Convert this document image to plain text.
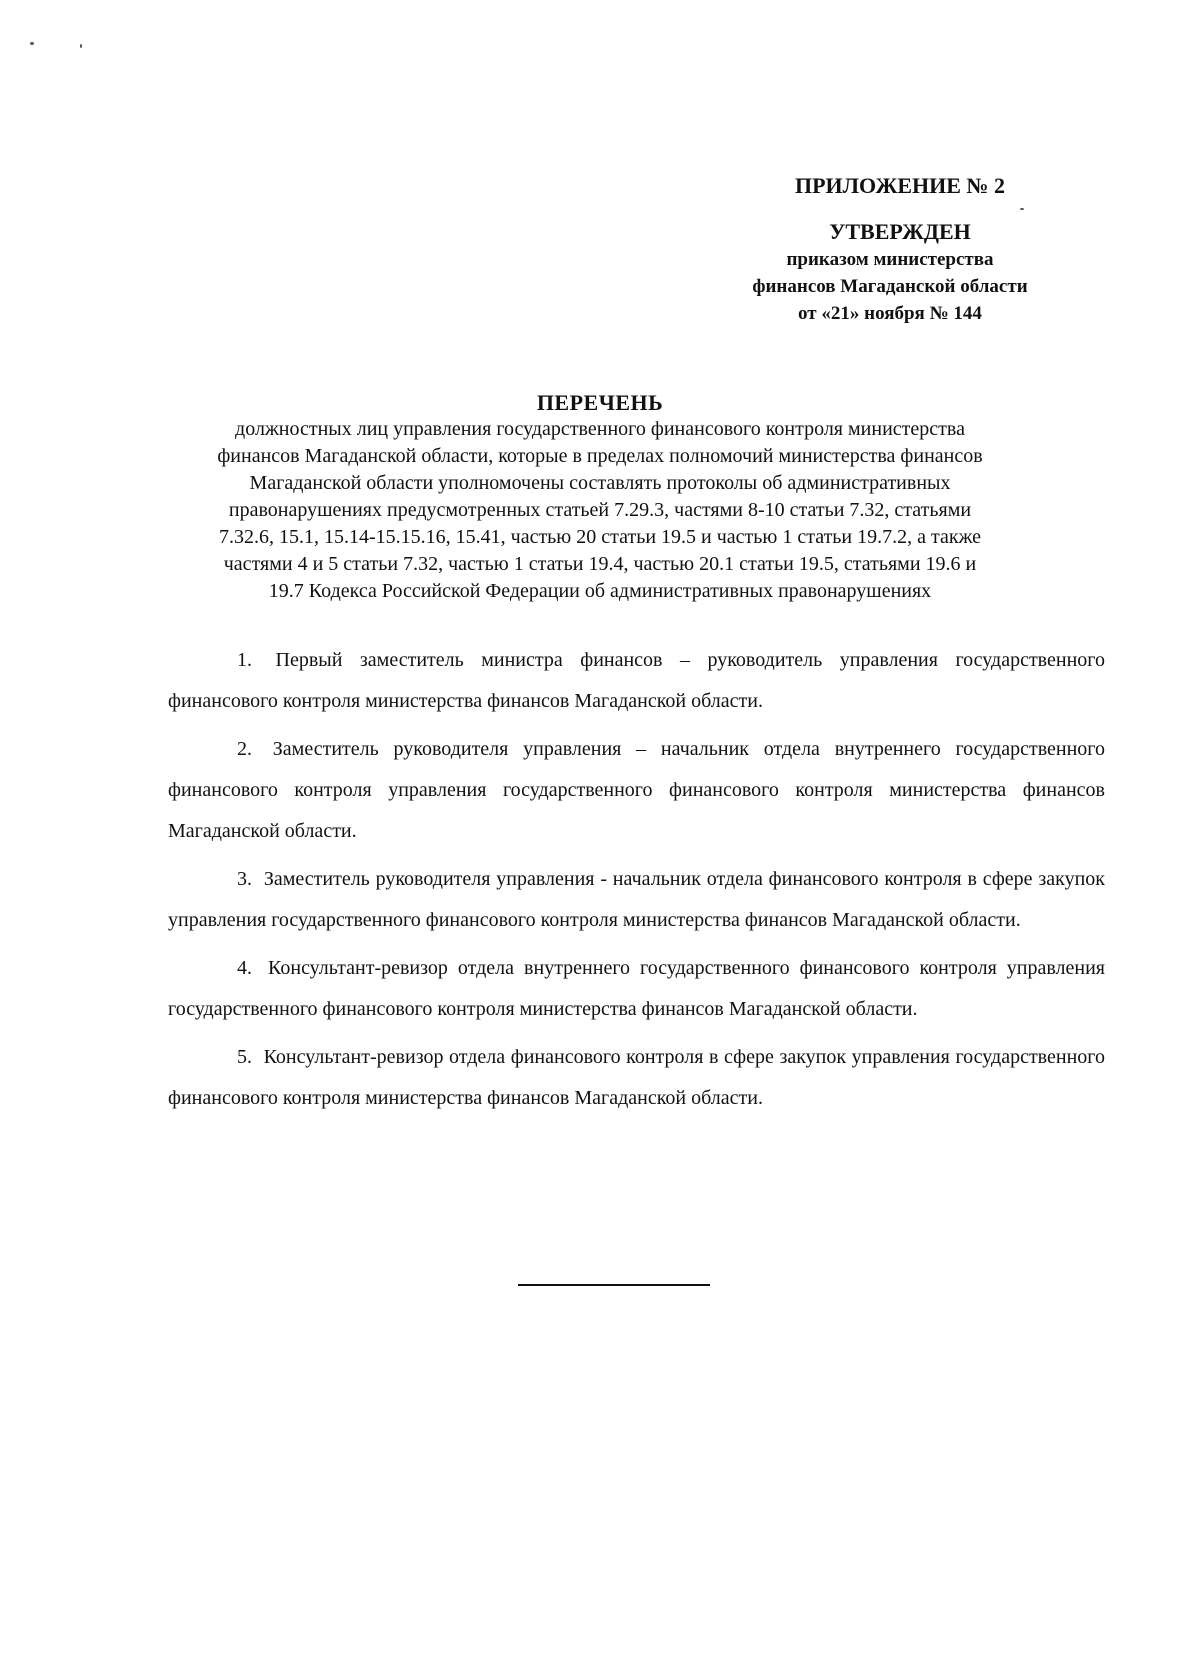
ПРИЛОЖЕНИЕ № 2

УТВЕРЖДЕН

приказом министерства

финансов Магаданской области

от «21» ноября № 144

ПЕРЕЧЕНЬ

должностных лиц управления государственного финансового контроля министерства

финансов Магаданской области, которые в пределах полномочий министерства финансов

Магаданской области уполномочены составлять протоколы об административных

правонарушениях предусмотренных статьей 7.29.3, частями 8-10 статьи 7.32, статьями

7.32.6, 15.1, 15.14-15.15.16, 15.41, частью 20 статьи 19.5 и частью 1 статьи 19.7.2, а также

частями 4 и 5 статьи 7.32, частью 1 статьи 19.4, частью 20.1 статьи 19.5, статьями 19.6 и

19.7 Кодекса Российской Федерации об административных правонарушениях

1. Первый заместитель министра финансов – руководитель управления государственного финансового контроля министерства финансов Магаданской области.

2. Заместитель руководителя управления – начальник отдела внутреннего государственного финансового контроля управления государственного финансового контроля министерства финансов Магаданской области.

3. Заместитель руководителя управления - начальник отдела финансового контроля в сфере закупок управления государственного финансового контроля министерства финансов Магаданской области.

4. Консультант-ревизор отдела внутреннего государственного финансового контроля управления государственного финансового контроля министерства финансов Магаданской области.

5. Консультант-ревизор отдела финансового контроля в сфере закупок управления государственного финансового контроля министерства финансов Магаданской области.
